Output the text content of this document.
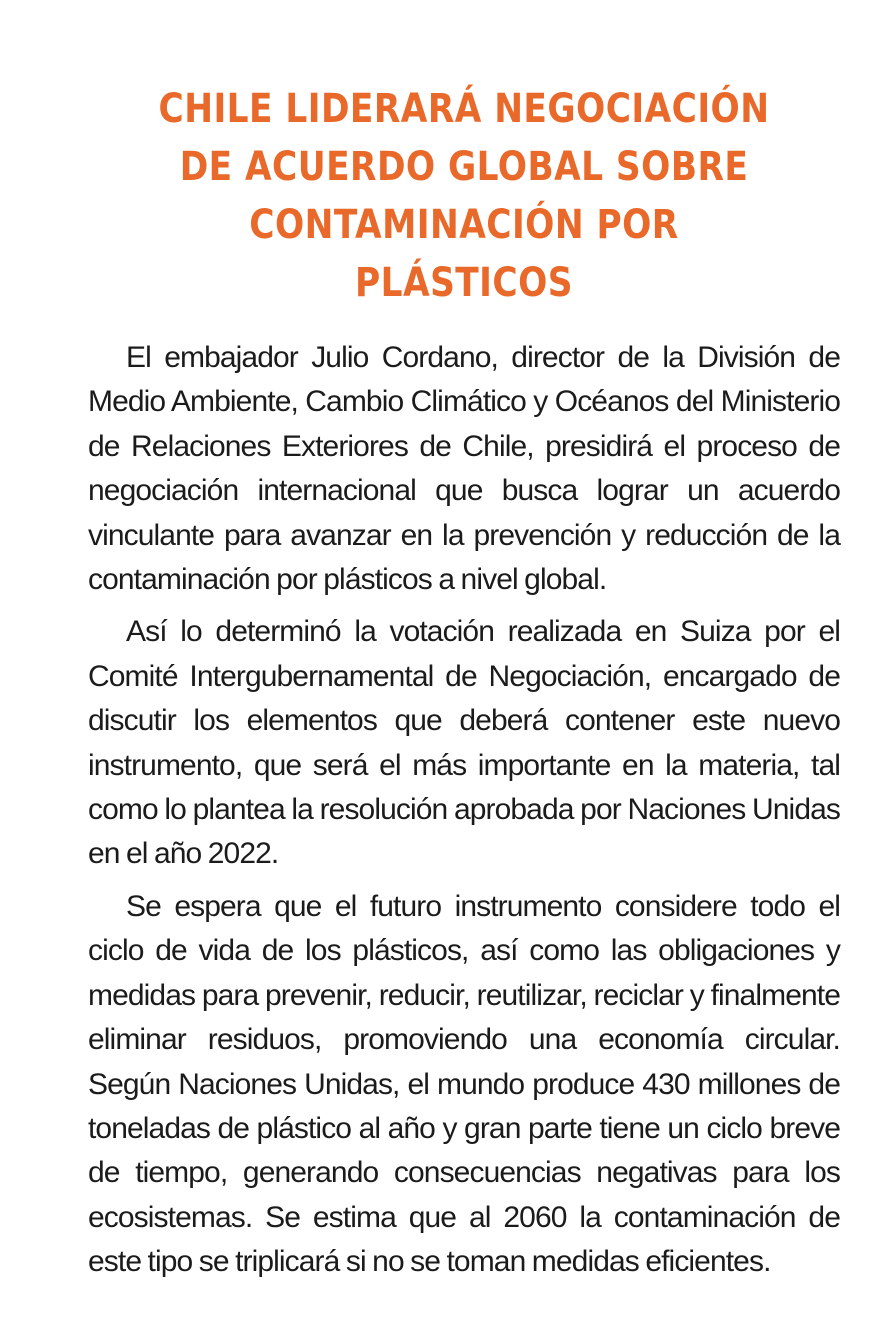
CHILE LIDERARÁ NEGOCIACIÓN
DE ACUERDO GLOBAL SOBRE
CONTAMINACIÓN POR PLÁSTICOS

El embajador Julio Cordano, director de la División de Medio Ambiente, Cambio Climático y Océanos del Ministerio de Relaciones Exteriores de Chile, presidirá el proceso de negociación internacional que busca lograr un acuerdo vinculante para avanzar en la prevención y reducción de la contaminación por plásticos a nivel global.

Así lo determinó la votación realizada en Suiza por el Comité Intergubernamental de Negociación, encargado de discutir los elementos que deberá contener este nuevo instrumento, que será el más importante en la materia, tal como lo plantea la resolución aprobada por Naciones Unidas en el año 2022.

Se espera que el futuro instrumento considere todo el ciclo de vida de los plásticos, así como las obligaciones y medidas para prevenir, reducir, reutilizar, reciclar y finalmente eliminar residuos, promoviendo una economía circular. Según Naciones Unidas, el mundo produce 430 millones de toneladas de plástico al año y gran parte tiene un ciclo breve de tiempo, generando consecuencias negativas para los ecosistemas. Se estima que al 2060 la contaminación de este tipo se triplicará si no se toman medidas eficientes.
